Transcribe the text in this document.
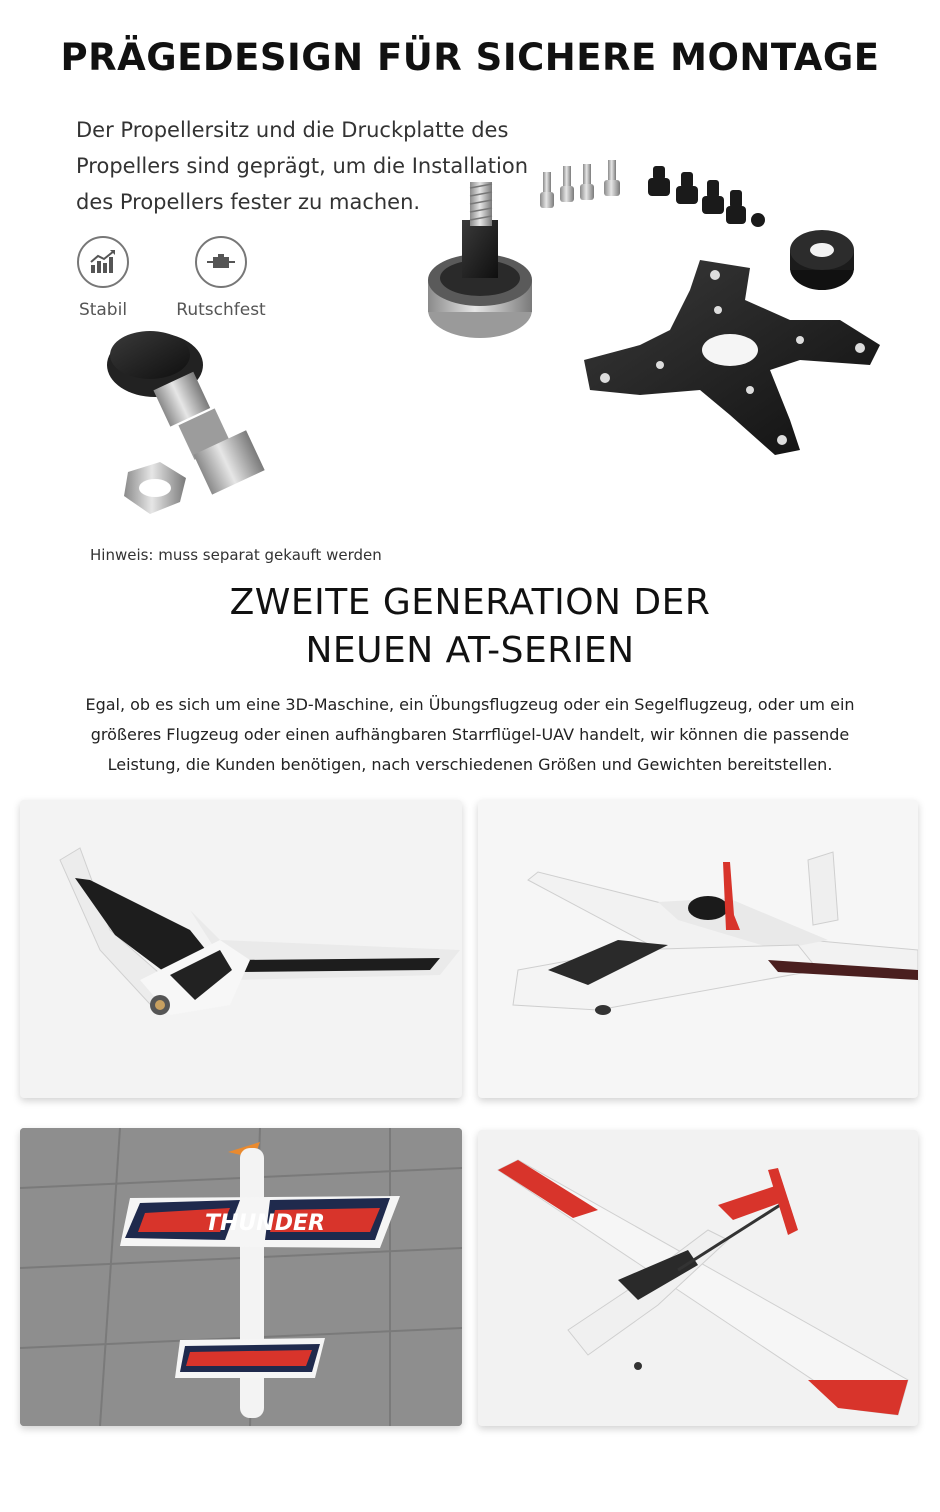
PRÄGEDESIGN FÜR SICHERE MONTAGE
Der Propellersitz und die Druckplatte des
Propellers sind geprägt, um die Installation
des Propellers fester zu machen.
Stabil	Rutschfest
Hinweis: muss separat gekauft werden
ZWEITE GENERATION DER
NEUEN AT-SERIEN
Egal, ob es sich um eine 3D-Maschine, ein Übungsflugzeug oder ein Segelflugzeug, oder um ein
größeres Flugzeug oder einen aufhängbaren Starrflügel-UAV handelt, wir können die passende
Leistung, die Kunden benötigen, nach verschiedenen Größen und Gewichten bereitstellen.
THUNDER
